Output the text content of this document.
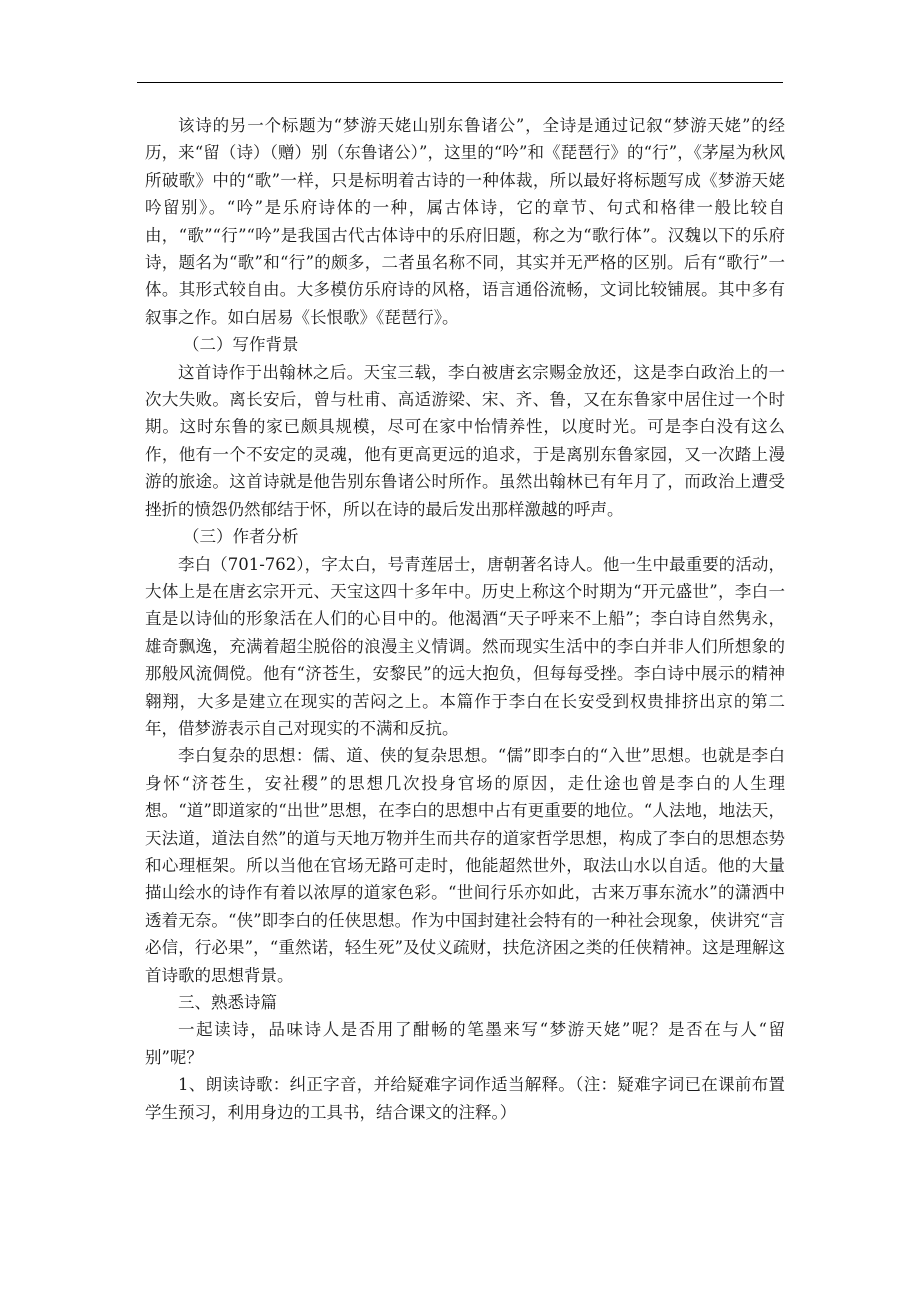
该诗的另一个标题为“梦游天姥山别东鲁诸公”，全诗是通过记叙“梦游天姥”的经历，来“留（诗）（赠）别（东鲁诸公）”，这里的“吟”和《琵琶行》的“行”，《茅屋为秋风所破歌》中的“歌”一样，只是标明着古诗的一种体裁，所以最好将标题写成《梦游天姥吟留别》。“吟”是乐府诗体的一种，属古体诗，它的章节、句式和格律一般比较自由，“歌”“行”“吟”是我国古代古体诗中的乐府旧题，称之为“歌行体”。汉魏以下的乐府诗，题名为“歌”和“行”的颇多，二者虽名称不同，其实并无严格的区别。后有“歌行”一体。其形式较自由。大多模仿乐府诗的风格，语言通俗流畅，文词比较铺展。其中多有叙事之作。如白居易《长恨歌》《琵琶行》。

（二）写作背景

这首诗作于出翰林之后。天宝三载，李白被唐玄宗赐金放还，这是李白政治上的一次大失败。离长安后，曾与杜甫、高适游梁、宋、齐、鲁，又在东鲁家中居住过一个时期。这时东鲁的家已颇具规模，尽可在家中怡情养性，以度时光。可是李白没有这么作，他有一个不安定的灵魂，他有更高更远的追求，于是离别东鲁家园，又一次踏上漫游的旅途。这首诗就是他告别东鲁诸公时所作。虽然出翰林已有年月了，而政治上遭受挫折的愤怨仍然郁结于怀，所以在诗的最后发出那样激越的呼声。

（三）作者分析

李白（701-762），字太白，号青莲居士，唐朝著名诗人。他一生中最重要的活动，大体上是在唐玄宗开元、天宝这四十多年中。历史上称这个时期为“开元盛世”，李白一直是以诗仙的形象活在人们的心目中的。他渴酒“天子呼来不上船”；李白诗自然隽永，雄奇飘逸，充满着超尘脱俗的浪漫主义情调。然而现实生活中的李白并非人们所想象的那般风流倜傥。他有“济苍生，安黎民”的远大抱负，但每每受挫。李白诗中展示的精神翱翔，大多是建立在现实的苦闷之上。本篇作于李白在长安受到权贵排挤出京的第二年，借梦游表示自己对现实的不满和反抗。

李白复杂的思想：儒、道、侠的复杂思想。“儒”即李白的“入世”思想。也就是李白身怀“济苍生，安社稷”的思想几次投身官场的原因，走仕途也曾是李白的人生理想。“道”即道家的“出世”思想，在李白的思想中占有更重要的地位。“人法地，地法天，天法道，道法自然”的道与天地万物并生而共存的道家哲学思想，构成了李白的思想态势和心理框架。所以当他在官场无路可走时，他能超然世外，取法山水以自适。他的大量描山绘水的诗作有着以浓厚的道家色彩。“世间行乐亦如此，古来万事东流水”的潇洒中透着无奈。“侠”即李白的任侠思想。作为中国封建社会特有的一种社会现象，侠讲究“言必信，行必果”，“重然诺，轻生死”及仗义疏财，扶危济困之类的任侠精神。这是理解这首诗歌的思想背景。

三、熟悉诗篇

一起读诗，品味诗人是否用了酣畅的笔墨来写“梦游天姥”呢？是否在与人“留别”呢？

1、朗读诗歌：纠正字音，并给疑难字词作适当解释。（注：疑难字词已在课前布置学生预习，利用身边的工具书，结合课文的注释。）
